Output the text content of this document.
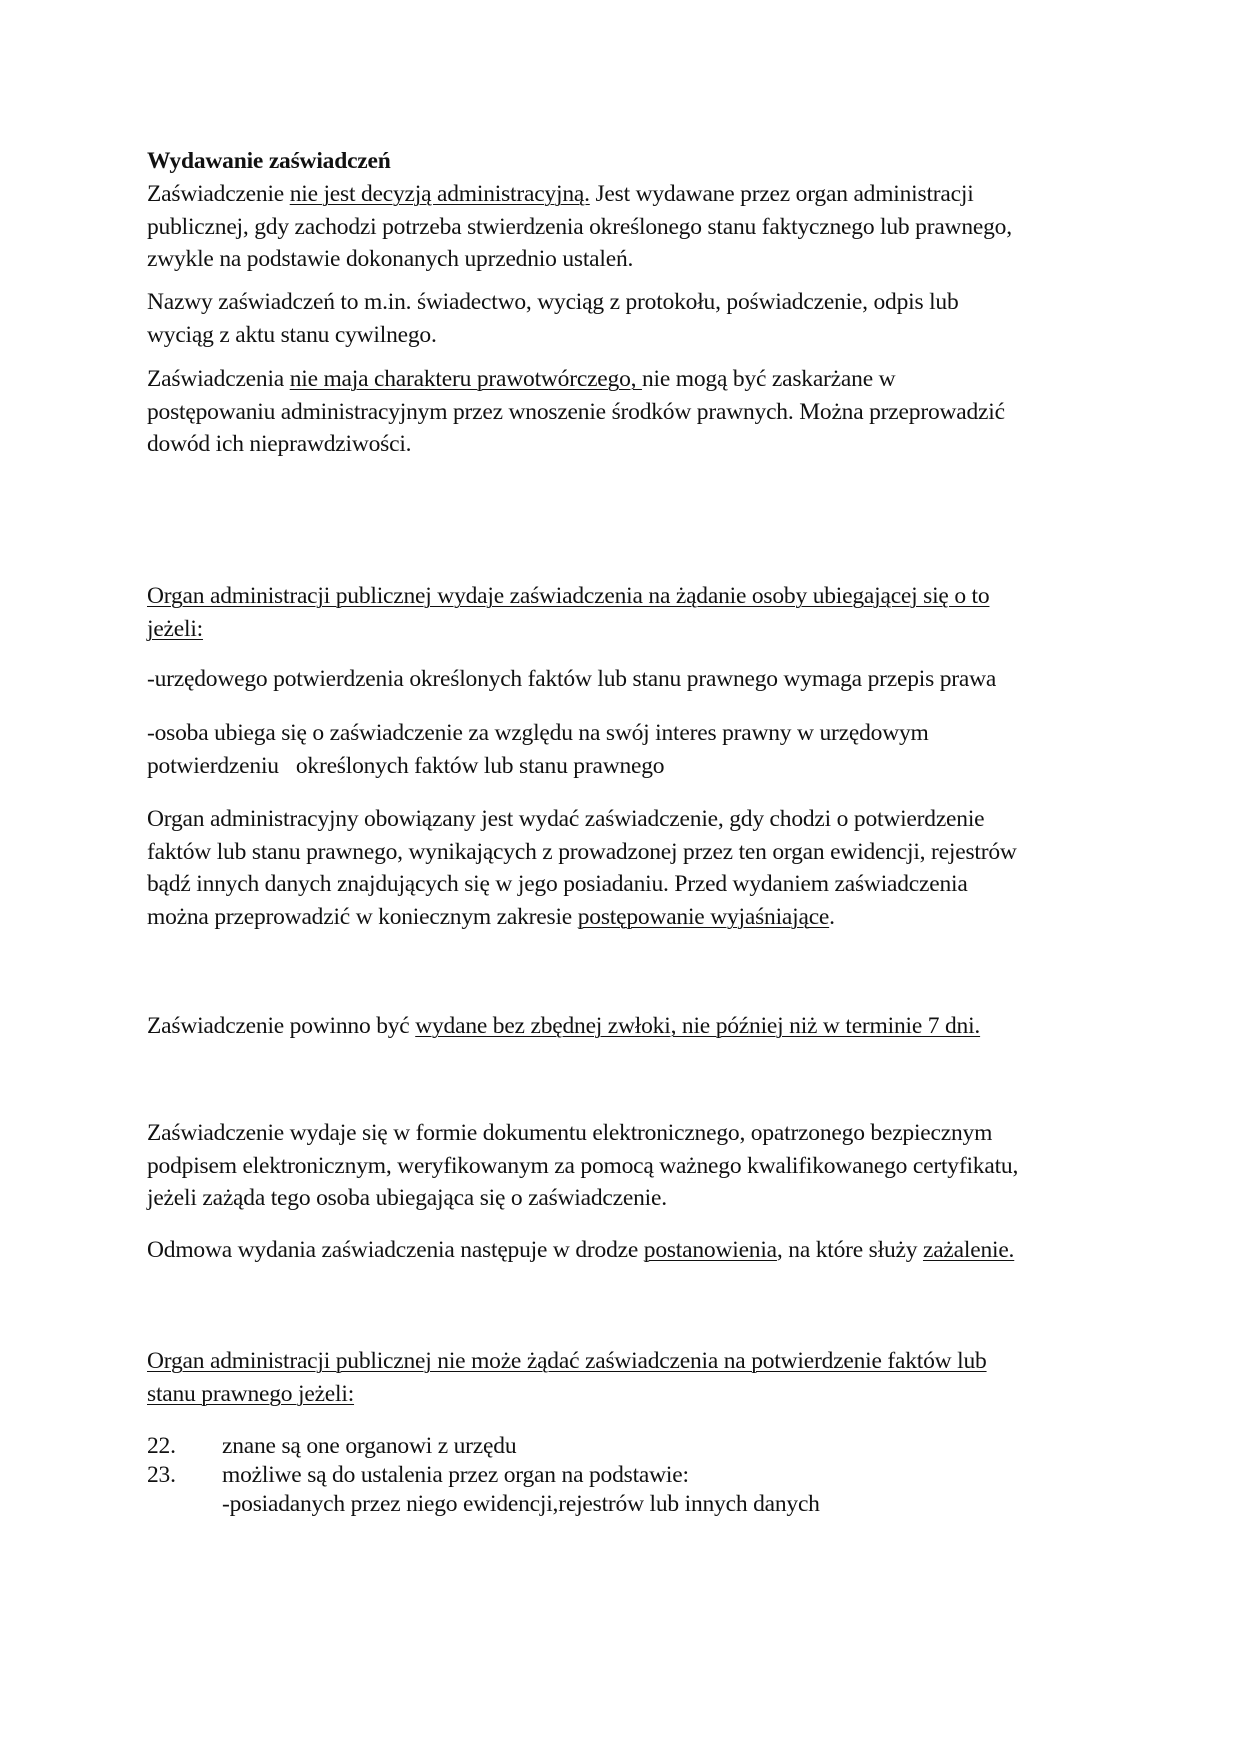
Wydawanie zaświadczeń
Zaświadczenie nie jest decyzją administracyjną. Jest wydawane przez organ administracji
publicznej, gdy zachodzi potrzeba stwierdzenia określonego stanu faktycznego lub prawnego,
zwykle na podstawie dokonanych uprzednio ustaleń.
Nazwy zaświadczeń to m.in. świadectwo, wyciąg z protokołu, poświadczenie, odpis lub
wyciąg z aktu stanu cywilnego.
Zaświadczenia nie maja charakteru prawotwórczego, nie mogą być zaskarżane w
postępowaniu administracyjnym przez wnoszenie środków prawnych. Można przeprowadzić
dowód ich nieprawdziwości.
Organ administracji publicznej wydaje zaświadczenia na żądanie osoby ubiegającej się o to
jeżeli:
-urzędowego potwierdzenia określonych faktów lub stanu prawnego wymaga przepis prawa
-osoba ubiega się o zaświadczenie za względu na swój interes prawny w urzędowym
potwierdzeniu   określonych faktów lub stanu prawnego
Organ administracyjny obowiązany jest wydać zaświadczenie, gdy chodzi o potwierdzenie
faktów lub stanu prawnego, wynikających z prowadzonej przez ten organ ewidencji, rejestrów
bądź innych danych znajdujących się w jego posiadaniu. Przed wydaniem zaświadczenia
można przeprowadzić w koniecznym zakresie postępowanie wyjaśniające.
Zaświadczenie powinno być wydane bez zbędnej zwłoki, nie później niż w terminie 7 dni.
Zaświadczenie wydaje się w formie dokumentu elektronicznego, opatrzonego bezpiecznym
podpisem elektronicznym, weryfikowanym za pomocą ważnego kwalifikowanego certyfikatu,
jeżeli zażąda tego osoba ubiegająca się o zaświadczenie.
Odmowa wydania zaświadczenia następuje w drodze postanowienia, na które służy zażalenie.
Organ administracji publicznej nie może żądać zaświadczenia na potwierdzenie faktów lub
stanu prawnego jeżeli:
22.	znane są one organowi z urzędu
23.	możliwe są do ustalenia przez organ na podstawie:
-posiadanych przez niego ewidencji,rejestrów lub innych danych
